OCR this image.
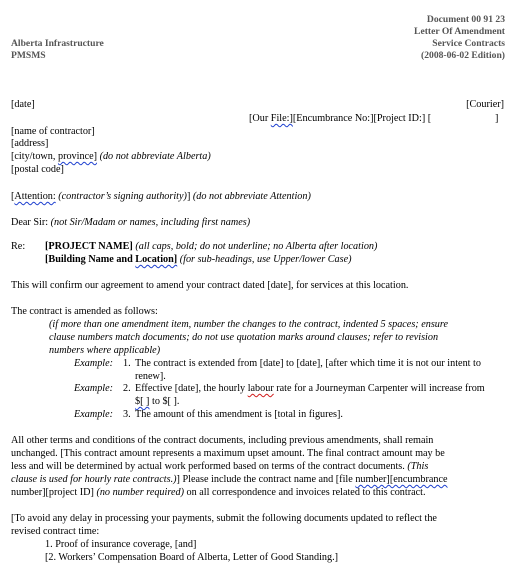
Document 00 91 23
Letter Of Amendment
Service Contracts
(2008-06-02 Edition)
Alberta Infrastructure
PMSMS
[date]	[Courier]
[Our File:][Encumbrance No:][Project ID:] [	]
[name of contractor]
[address]
[city/town, province] (do not abbreviate Alberta)
[postal code]
[Attention: (contractor’s signing authority)] (do not abbreviate Attention)
Dear Sir: (not Sir/Madam or names, including first names)
Re: [PROJECT NAME] (all caps, bold; do not underline; no Alberta after location)
[Building Name and Location] (for sub-headings, use Upper/lower Case)
This will confirm our agreement to amend your contract dated [date], for services at this location.
The contract is amended as follows:
(if more than one amendment item, number the changes to the contract, indented 5 spaces; ensure
clause numbers match documents; do not use quotation marks around clauses; refer to revision
numbers where applicable)
Example: 1. The contract is extended from [date] to [date], [after which time it is not our intent to
renew].
Example: 2. Effective [date], the hourly labour rate for a Journeyman Carpenter will increase from
$[ ] to $[ ].
Example: 3. The amount of this amendment is [total in figures].
All other terms and conditions of the contract documents, including previous amendments, shall remain
unchanged. [This contract amount represents a maximum upset amount. The final contract amount may be
less and will be determined by actual work performed based on terms of the contract documents. (This
clause is used for hourly rate contracts.)] Please include the contract name and [file number][encumbrance
number][project ID] (no number required) on all correspondence and invoices related to this contract.
[To avoid any delay in processing your payments, submit the following documents updated to reflect the
revised contract time:
1. Proof of insurance coverage, [and]
[2. Workers’ Compensation Board of Alberta, Letter of Good Standing.]
